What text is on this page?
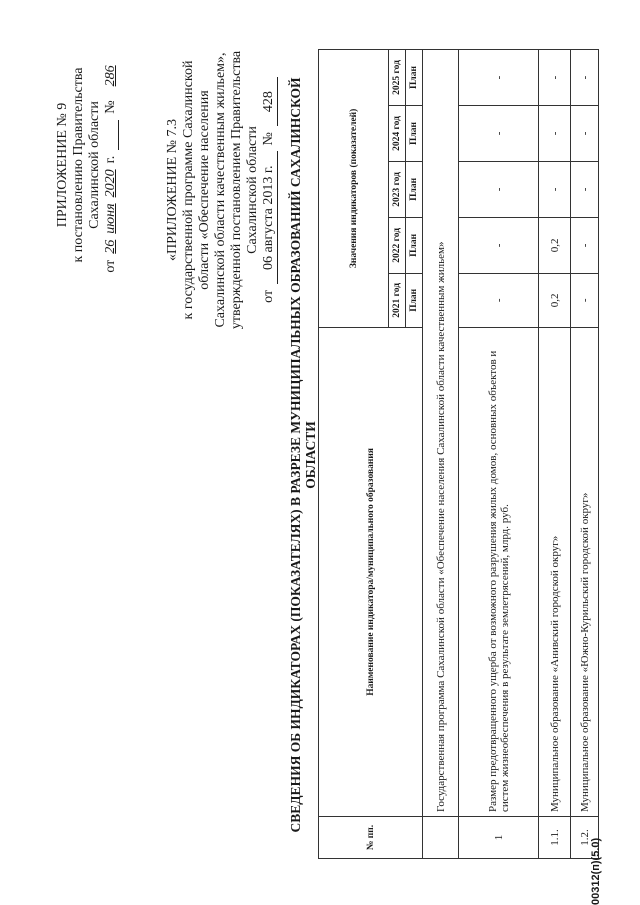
ПРИЛОЖЕНИЕ № 9 к постановлению Правительства Сахалинской области
от
26
июня
2020
г.
№
286
«ПРИЛОЖЕНИЕ № 7.3 к государственной программе Сахалинской области «Обеспечение населения Сахалинской области качественным жильем», утвержденной постановлением Правительства Сахалинской области
от
06 августа 2013 г.
№
428 СВЕДЕНИЯ ОБ ИНДИКАТОРАХ (ПОКАЗАТЕЛЯХ) В РАЗРЕЗЕ МУНИЦИПАЛЬНЫХ ОБРАЗОВАНИЙ САХАЛИНСКОЙ ОБЛАСТИ
№ пп.	Наименование индикатора/муниципального образования	Значения индикаторов (показателей)				
		2021 год	2022 год	2023 год	2024 год	2025 год
		План	План	План	План	План
	Государственная программа Сахалинской области «Обеспечение населения Сахалинской области качественным жильем»					
1	Размер предотвращенного ущерба от возможного разрушения жилых домов, основных объектов и систем жизнеобеспечения в результате землетрясений, млрд. руб.	-	-	-	-	-
1.1.	Муниципальное образование «Анивский городской округ»	0,2	0,2	-	-	-
1.2.	Муниципальное образование «Южно-Курильский городской округ»	-	-	-	-	-
00312(п)(5.0)
